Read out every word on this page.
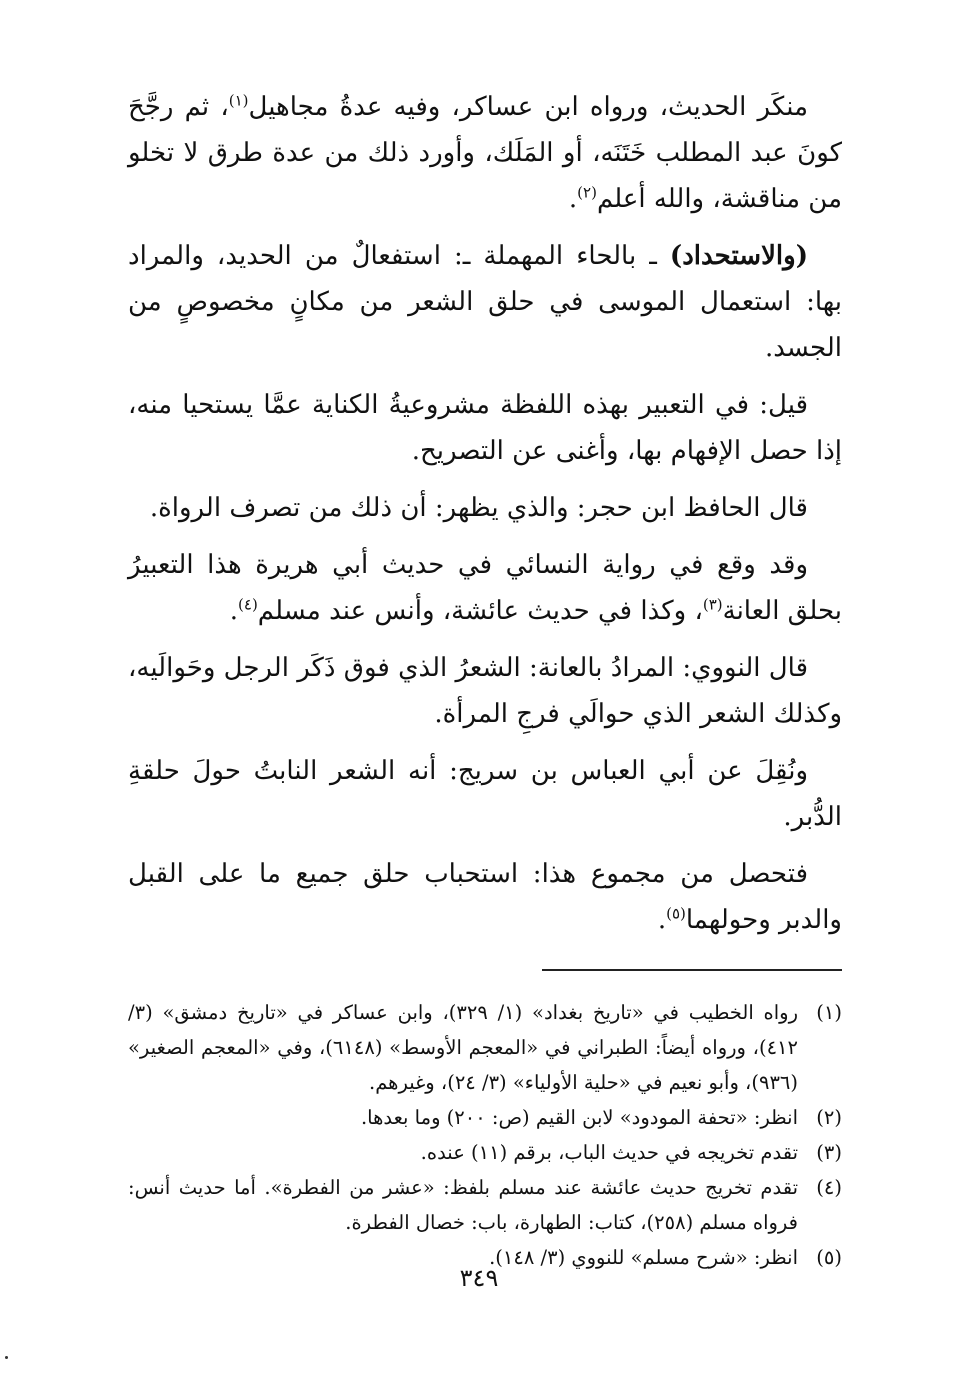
منكَر الحديث، ورواه ابن عساكر، وفيه عدةُ مجاهيل$^{(١)}$، ثم رجَّحَ كونَ عبد المطلب خَتَنَه، أو المَلَك، وأورد ذلك من عدة طرق لا تخلو من مناقشة، والله أعلم$^{(٢)}$.

(والاستحداد) ـ بالحاء المهملة ـ: استفعالٌ من الحديد، والمراد بها: استعمال الموسى في حلق الشعر من مكانٍ مخصوصٍ من الجسد.

قيل: في التعبير بهذه اللفظة مشروعيةُ الكناية عمَّا يستحيا منه، إذا حصل الإفهام بها، وأغنى عن التصريح.

قال الحافظ ابن حجر: والذي يظهر: أن ذلك من تصرف الرواة.

وقد وقع في رواية النسائي في حديث أبي هريرة هذا التعبيرُ بحلق العانة$^{(٣)}$، وكذا في حديث عائشة، وأنس عند مسلم$^{(٤)}$.

قال النووي: المرادُ بالعانة: الشعرُ الذي فوق ذَكَر الرجل وحَوالَيه، وكذلك الشعر الذي حوالَي فرجِ المرأة.

ونُقِلَ عن أبي العباس بن سريج: أنه الشعر النابتُ حولَ حلقةِ الدُّبر.

فتحصل من مجموع هذا: استحباب حلق جميع ما على القبل والدبر وحولهما$^{(٥)}$.

(١)
رواه الخطيب في «تاريخ بغداد» (١/ ٣٢٩)، وابن عساكر في «تاريخ دمشق» (٣/ ٤١٢)، ورواه أيضاً: الطبراني في «المعجم الأوسط» (٦١٤٨)، وفي «المعجم الصغير» (٩٣٦)، وأبو نعيم في «حلية الأولياء» (٣/ ٢٤)، وغيرهم.
(٢)
انظر: «تحفة المودود» لابن القيم (ص: ٢٠٠) وما بعدها.
(٣)
تقدم تخريجه في حديث الباب، برقم (١١) عنده.
(٤)
تقدم تخريج حديث عائشة عند مسلم بلفظ: «عشر من الفطرة». أما حديث أنس: فرواه مسلم (٢٥٨)، كتاب: الطهارة، باب: خصال الفطرة.
(٥)
انظر: «شرح مسلم» للنووي (٣/ ١٤٨).
٣٤٩
